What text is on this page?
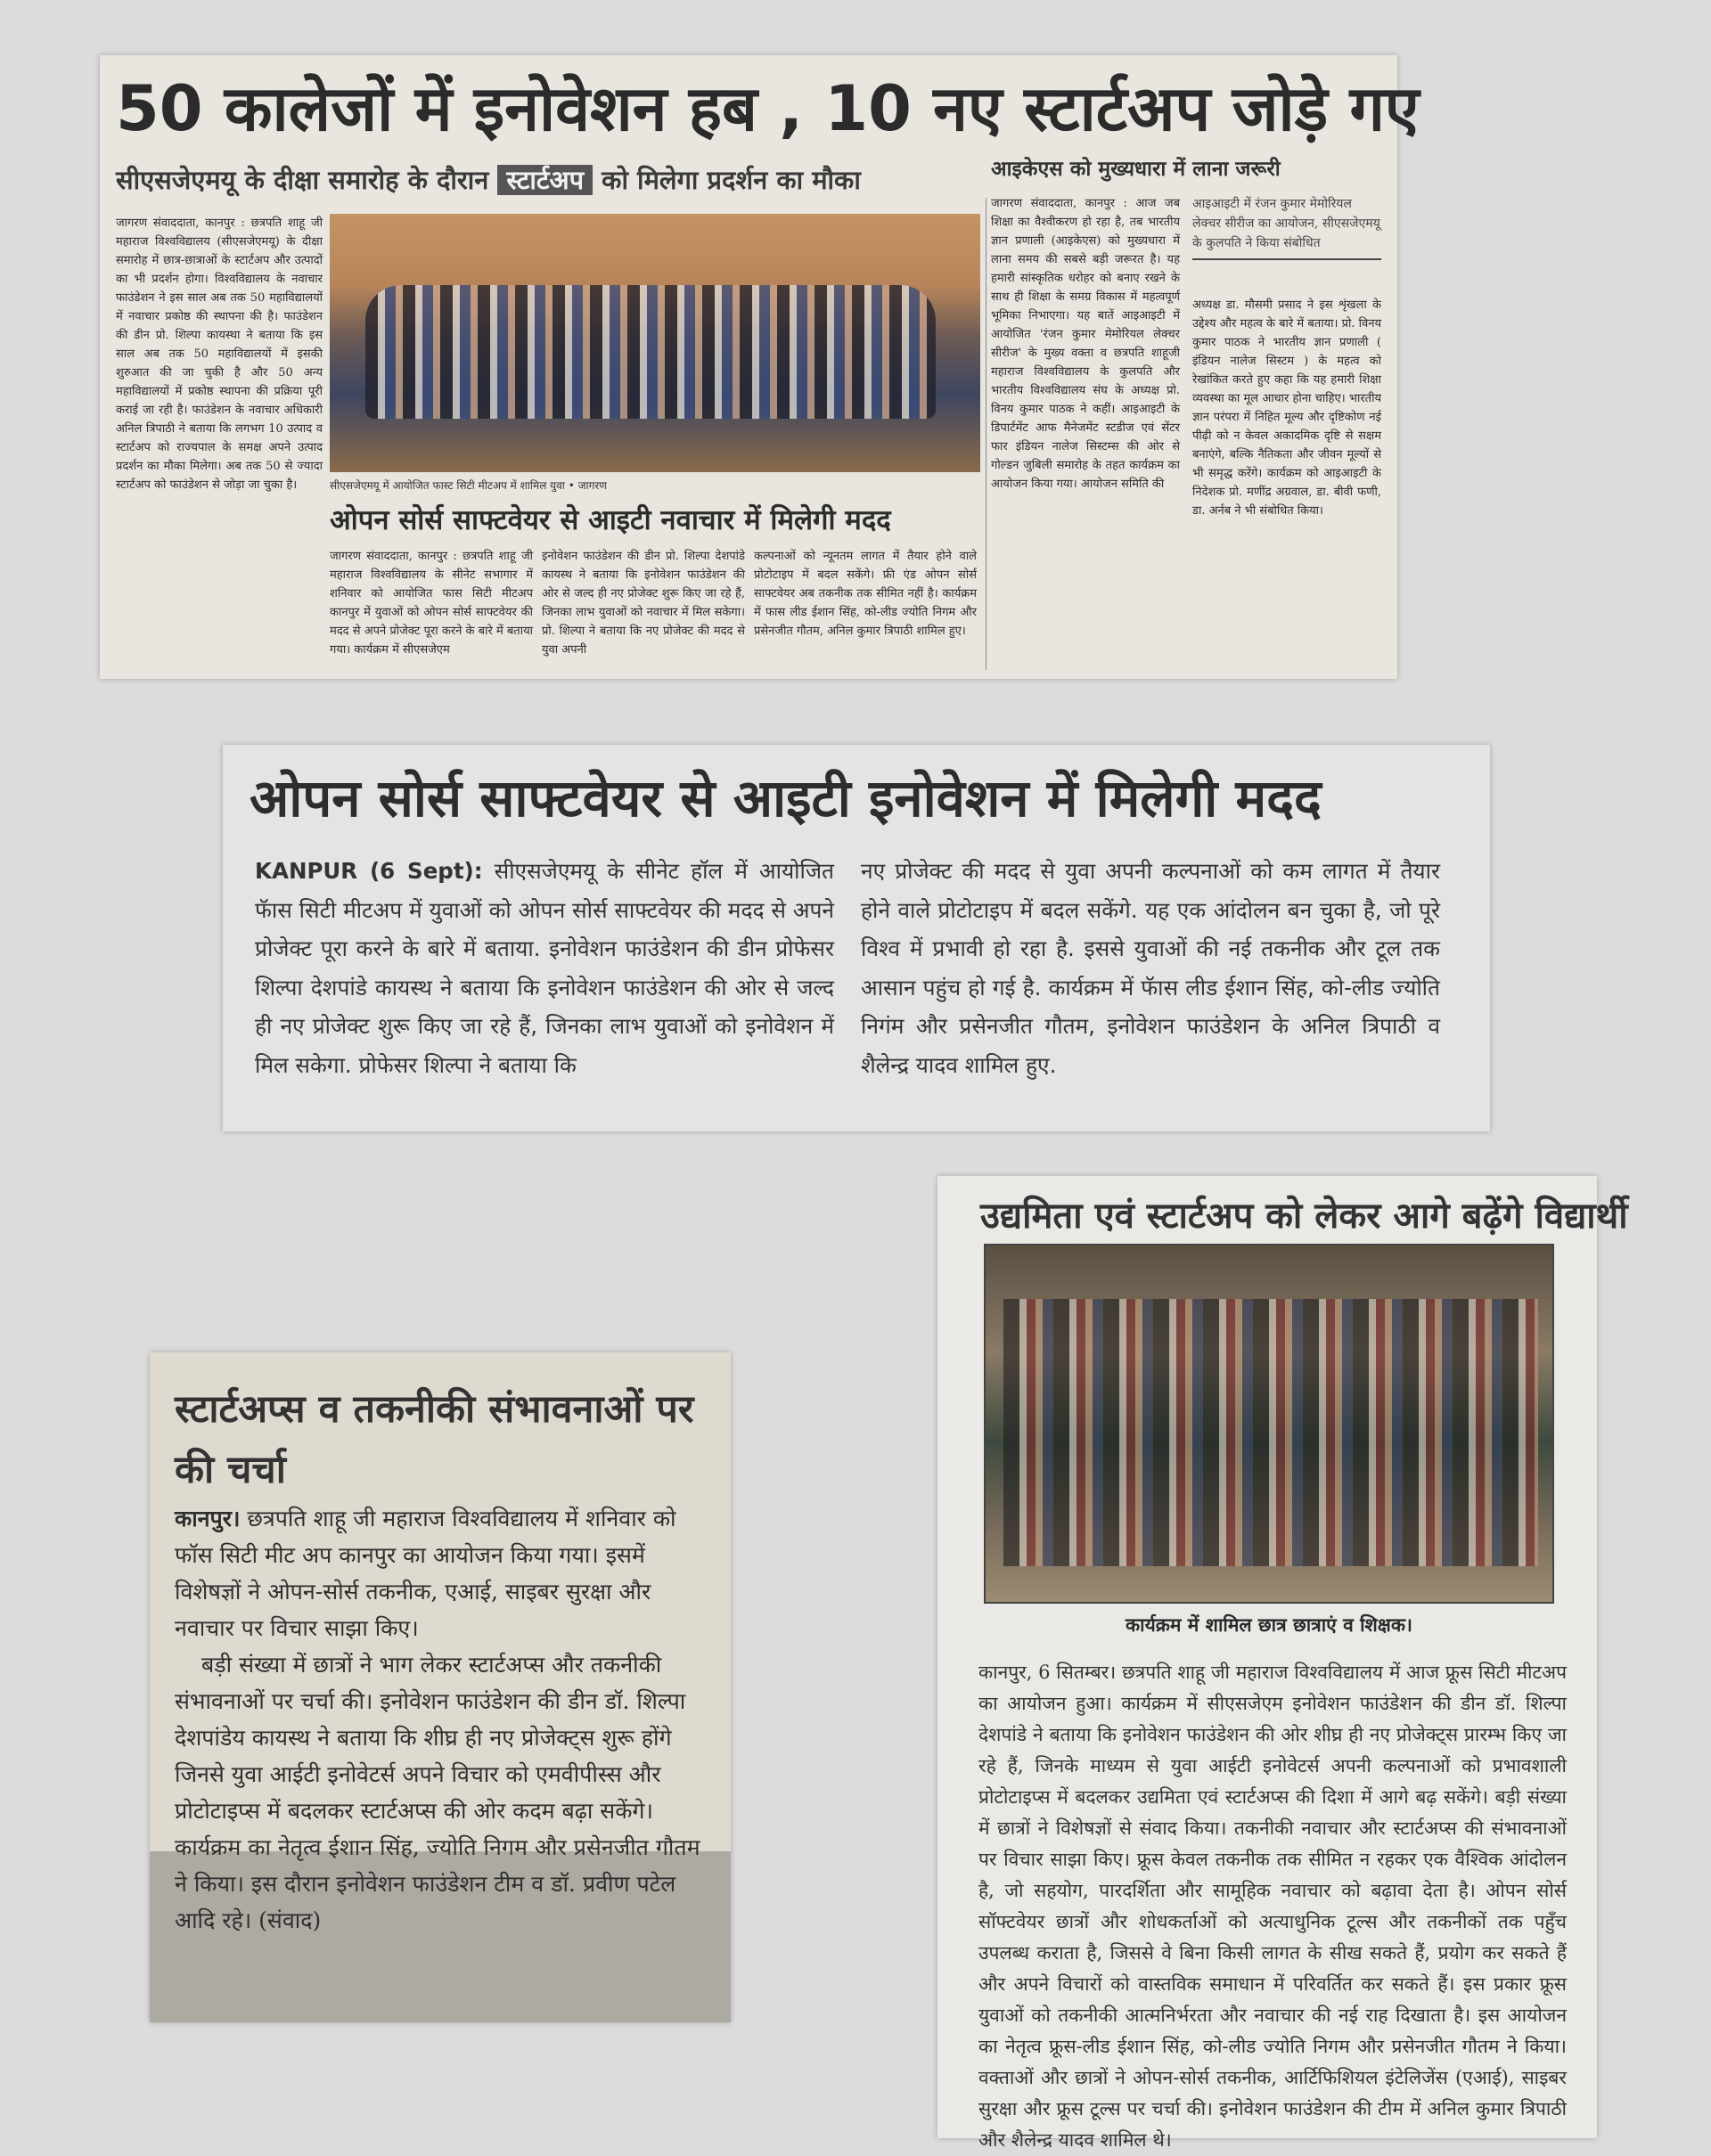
50 कालेजों में इनोवेशन हब , 10 नए स्टार्टअप जोड़े गए

सीएसजेएमयू के दीक्षा समारोह के दौरान स्टार्टअप को मिलेगा प्रदर्शन का मौका

जागरण संवाददाता, कानपुर : छत्रपति शाहू जी महाराज विश्वविद्यालय (सीएसजेएमयू) के दीक्षा समारोह में छात्र-छात्राओं के स्टार्टअप और उत्पादों का भी प्रदर्शन होगा। विश्वविद्यालय के नवाचार फाउंडेशन ने इस साल अब तक 50 महाविद्यालयों में नवाचार प्रकोष्ठ की स्थापना की है। फाउंडेशन की डीन प्रो. शिल्पा कायस्था ने बताया कि इस साल अब तक 50 महाविद्यालयों में इसकी शुरुआत की जा चुकी है और 50 अन्य महाविद्यालयों में प्रकोष्ठ स्थापना की प्रक्रिया पूरी कराई जा रही है। फाउंडेशन के नवाचार अधिकारी अनिल त्रिपाठी ने बताया कि लगभग 10 उत्पाद व स्टार्टअप को राज्यपाल के समक्ष अपने उत्पाद प्रदर्शन का मौका मिलेगा। अब तक 50 से ज्यादा स्टार्टअप को फाउंडेशन से जोड़ा जा चुका है।	सीएसजेएमयू में आयोजित फास्ट सिटी मीटअप में शामिल युवा • जागरण

ओपन सोर्स साफ्टवेयर से आइटी नवाचार में मिलेगी मदद

जागरण संवाददाता, कानपुर : छत्रपति शाहू जी महाराज विश्वविद्यालय के सीनेट सभागार में शनिवार को आयोजित फास सिटी मीटअप कानपुर में युवाओं को ओपन सोर्स साफ्टवेयर की मदद से अपने प्रोजेक्ट पूरा करने के बारे में बताया गया। कार्यक्रम में सीएसजेएम

इनोवेशन फाउंडेशन की डीन प्रो. शिल्पा देशपांडे कायस्थ ने बताया कि इनोवेशन फाउंडेशन की ओर से जल्द ही नए प्रोजेक्ट शुरू किए जा रहे हैं, जिनका लाभ युवाओं को नवाचार में मिल सकेगा। प्रो. शिल्पा ने बताया कि नए प्रोजेक्ट की मदद से युवा अपनी

कल्पनाओं को न्यूनतम लागत में तैयार होने वाले प्रोटोटाइप में बदल सकेंगे। फ्री एंड ओपन सोर्स साफ्टवेयर अब तकनीक तक सीमित नहीं है। कार्यक्रम में फास लीड ईशान सिंह, को-लीड ज्योति निगम और प्रसेनजीत गौतम, अनिल कुमार त्रिपाठी शामिल हुए।

आइकेएस को मुख्यधारा में लाना जरूरी

जागरण संवाददाता, कानपुर : आज जब शिक्षा का वैश्वीकरण हो रहा है, तब भारतीय ज्ञान प्रणाली (आइकेएस) को मुख्यधारा में लाना समय की सबसे बड़ी जरूरत है। यह हमारी सांस्कृतिक धरोहर को बनाए रखने के साथ ही शिक्षा के समग्र विकास में महत्वपूर्ण भूमिका निभाएगा। यह बातें आइआइटी में आयोजित 'रंजन कुमार मेमोरियल लेक्चर सीरीज' के मुख्य वक्ता व छत्रपति शाहूजी महाराज विश्वविद्यालय के कुलपति और भारतीय विश्वविद्यालय संघ के अध्यक्ष प्रो. विनय कुमार पाठक ने कहीं। आइआइटी के डिपार्टमेंट आफ मैनेजमेंट स्टडीज एवं सेंटर फार इंडियन नालेज सिस्टम्स की ओर से गोल्डन जुबिली समारोह के तहत कार्यक्रम का आयोजन किया गया। आयोजन समिति की

आइआइटी में रंजन कुमार मेमोरियल लेक्चर सीरीज का आयोजन, सीएसजेएमयू के कुलपति ने किया संबोधित

अध्यक्ष डा. मौसमी प्रसाद ने इस शृंखला के उद्देश्य और महत्व के बारे में बताया। प्रो. विनय कुमार पाठक ने भारतीय ज्ञान प्रणाली ( इंडियन नालेज सिस्टम ) के महत्व को रेखांकित करते हुए कहा कि यह हमारी शिक्षा व्यवस्था का मूल आधार होना चाहिए। भारतीय ज्ञान परंपरा में निहित मूल्य और दृष्टिकोण नई पीढ़ी को न केवल अकादमिक दृष्टि से सक्षम बनाएंगे, बल्कि नैतिकता और जीवन मूल्यों से भी समृद्ध करेंगे। कार्यक्रम को आइआइटी के निदेशक प्रो. मणींद्र अग्रवाल, डा. बीवी फणी, डा. अर्नब ने भी संबोधित किया।

ओपन सोर्स साफ्टवेयर से आइटी इनोवेशन में मिलेगी मदद

KANPUR (6 Sept): सीएसजेएमयू के सीनेट हॉल में आयोजित फॅास सिटी मीटअप में युवाओं को ओपन सोर्स साफ्टवेयर की मदद से अपने प्रोजेक्ट पूरा करने के बारे में बताया. इनोवेशन फाउंडेशन की डीन प्रोफेसर शिल्पा देशपांडे कायस्थ ने बताया कि इनोवेशन फाउंडेशन की ओर से जल्द ही नए प्रोजेक्ट शुरू किए जा रहे हैं, जिनका लाभ युवाओं को इनोवेशन में मिल सकेगा. प्रोफेसर शिल्पा ने बताया कि

नए प्रोजेक्ट की मदद से युवा अपनी कल्पनाओं को कम लागत में तैयार होने वाले प्रोटोटाइप में बदल सकेंगे. यह एक आंदोलन बन चुका है, जो पूरे विश्व में प्रभावी हो रहा है. इससे युवाओं की नई तकनीक और टूल तक आसान पहुंच हो गई है. कार्यक्रम में फॅास लीड ईशान सिंह, को-लीड ज्योति निगंम और प्रसेनजीत गौतम, इनोवेशन फाउंडेशन के अनिल त्रिपाठी व शैलेन्द्र यादव शामिल हुए.

स्टार्टअप्स व तकनीकी संभावनाओं पर की चर्चा

कानपुर। छत्रपति शाहू जी महाराज विश्वविद्यालय में शनिवार को फॉस सिटी मीट अप कानपुर का आयोजन किया गया। इसमें विशेषज्ञों ने ओपन-सोर्स तकनीक, एआई, साइबर सुरक्षा और नवाचार पर विचार साझा किए।

बड़ी संख्या में छात्रों ने भाग लेकर स्टार्टअप्स और तकनीकी संभावनाओं पर चर्चा की। इनोवेशन फाउंडेशन की डीन डॉ. शिल्पा देशपांडेय कायस्थ ने बताया कि शीघ्र ही नए प्रोजेक्ट्स शुरू होंगे जिनसे युवा आईटी इनोवेटर्स अपने विचार को एमवीपीस्स और प्रोटोटाइप्स में बदलकर स्टार्टअप्स की ओर कदम बढ़ा सकेंगे। कार्यक्रम का नेतृत्व ईशान सिंह, ज्योति निगम और प्रसेनजीत गौतम ने किया। इस दौरान इनोवेशन फाउंडेशन टीम व डॉ. प्रवीण पटेल आदि रहे। (संवाद)

उद्यमिता एवं स्टार्टअप को लेकर आगे बढ़ेंगे विद्यार्थी

कार्यक्रम में शामिल छात्र छात्राएं व शिक्षक।

कानपुर, 6 सितम्बर। छत्रपति शाहू जी महाराज विश्वविद्यालय में आज फ्रूस सिटी मीटअप का आयोजन हुआ। कार्यक्रम में सीएसजेएम इनोवेशन फाउंडेशन की डीन डॉ. शिल्पा देशपांडे ने बताया कि इनोवेशन फाउंडेशन की ओर शीघ्र ही नए प्रोजेक्ट्स प्रारम्भ किए जा रहे हैं, जिनके माध्यम से युवा आईटी इनोवेटर्स अपनी कल्पनाओं को प्रभावशाली प्रोटोटाइप्स में बदलकर उद्यमिता एवं स्टार्टअप्स की दिशा में आगे बढ़ सकेंगे। बड़ी संख्या में छात्रों ने विशेषज्ञों से संवाद किया। तकनीकी नवाचार और स्टार्टअप्स की संभावनाओं पर विचार साझा किए। फ्रूस केवल तकनीक तक सीमित न रहकर एक वैश्विक आंदोलन है, जो सहयोग, पारदर्शिता और सामूहिक नवाचार को बढ़ावा देता है। ओपन सोर्स सॉफ्टवेयर छात्रों और शोधकर्ताओं को अत्याधुनिक टूल्स और तकनीकों तक पहुँच उपलब्ध कराता है, जिससे वे बिना किसी लागत के सीख सकते हैं, प्रयोग कर सकते हैं और अपने विचारों को वास्तविक समाधान में परिवर्तित कर सकते हैं। इस प्रकार फ्रूस युवाओं को तकनीकी आत्मनिर्भरता और नवाचार की नई राह दिखाता है। इस आयोजन का नेतृत्व फ्रूस-लीड ईशान सिंह, को-लीड ज्योति निगम और प्रसेनजीत गौतम ने किया। वक्ताओं और छात्रों ने ओपन-सोर्स तकनीक, आर्टिफिशियल इंटेलिजेंस (एआई), साइबर सुरक्षा और फ्रूस टूल्स पर चर्चा की। इनोवेशन फाउंडेशन की टीम में अनिल कुमार त्रिपाठी और शैलेन्द्र यादव शामिल थे।
